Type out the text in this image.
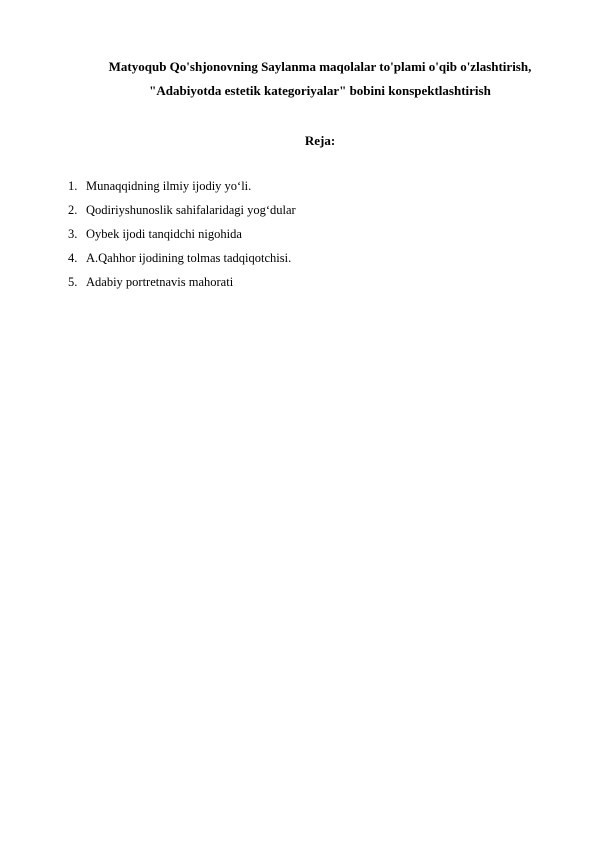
Matyoqub Qo'shjonovning Saylanma maqolalar to'plami o'qib o'zlashtirish,
"Adabiyotda estetik kategoriyalar" bobini konspektlashtirish
Reja:
1. Munaqqidning ilmiy ijodiy yo‘li.
2. Qodiriyshunoslik sahifalaridagi yog‘dular
3. Oybek ijodi tanqidchi nigohida
4. A.Qahhor ijodining tolmas tadqiqotchisi.
5. Adabiy portretnavis mahorati
